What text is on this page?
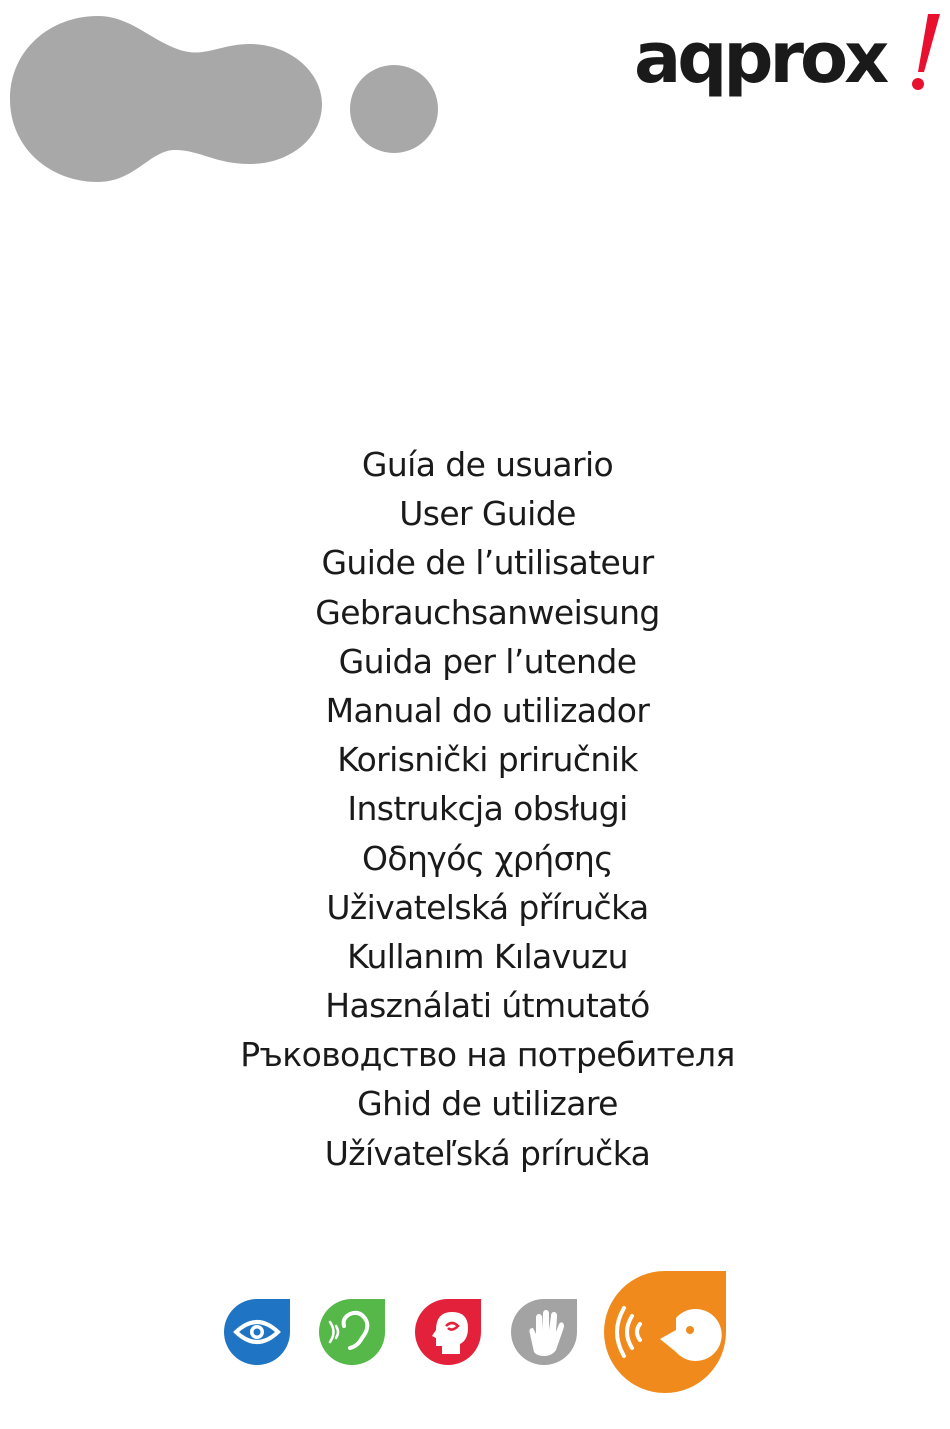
aqprox
Guía de usuario
User Guide
Guide de l’utilisateur
Gebrauchsanweisung
Guida per l’utende
Manual do utilizador
Korisnički priručnik
Instrukcja obsługi
Οδηγός χρήσης
Uživatelská příručka
Kullanım Kılavuzu
Használati útmutató
Ръководство на потребителя
Ghid de utilizare
Užívateľská príručka
